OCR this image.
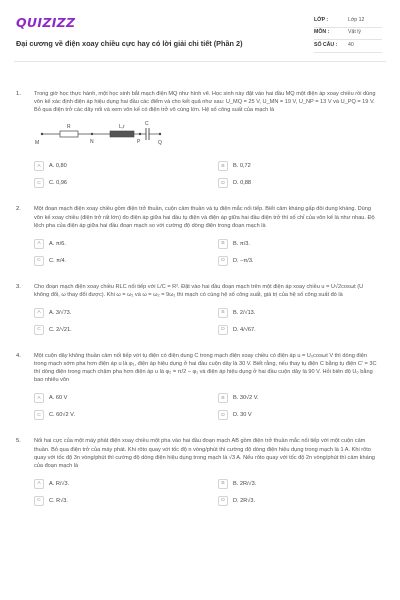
QUIZIZZ
Đại cương về điện xoay chiều cực hay có lời giải chi tiết (Phần 2)
LỚP :	Lớp 12
MÔN :	Vật lý
SỐ CÂU :	40
1. Trong giờ học thực hành, một học sinh bắt mạch điện MQ như hình vẽ. Học sinh này đặt vào hai đầu MQ một điện áp xoay chiều rồi dùng vôn kế xác định điện áp hiệu dụng hai đầu các điểm và cho kết quả như sau: U_MQ = 25 V, U_MN = 19 V, U_NP = 13 V và U_PQ = 19 V. Bỏ qua điện trở các dây nối và xem vôn kế có điện trở vô cùng lớn. Hệ số công suất của mạch là
M
R
N
L,r
P
C
Q
A	A. 0,80	B	B. 0,72
C	C. 0,96	D	D. 0,88
2. Một đoạn mạch điện xoay chiều gồm điện trở thuần, cuộn cảm thuần và tụ điện mắc nối tiếp. Biết cảm kháng gấp đôi dung kháng. Dùng vôn kế xoay chiều (điện trở rất lớn) đo điện áp giữa hai đầu tụ điện và điện áp giữa hai đầu điện trở thì số chỉ của vôn kế là như nhau. Độ lệch pha của điện áp giữa hai đầu đoạn mạch so với cường độ dòng điện trong đoạn mạch là
A	A. π/6.	B	B. π/3.
C	C. π/4.	D	D. −π/3.
3. Cho đoạn mạch điện xoay chiều RLC nối tiếp với L/C = R². Đặt vào hai đầu đoạn mạch trên một điện áp xoay chiều u = U√2cosωt (U không đổi, ω thay đổi được). Khi ω = ω₁ và ω = ω₂ = 9ω₁ thì mạch có cùng hệ số công suất, giá trị của hệ số công suất đó là
A	A. 3/√73.	B	B. 2/√13.
C	C. 2/√21.	D	D. 4/√67.
4. Một cuộn dây không thuần cảm nối tiếp với tụ điện có điện dung C trong mạch điện xoay chiều có điện áp u = U₀cosωt V thì dòng điện trong mạch sớm pha hơn điện áp u là φ₁, điện áp hiệu dụng ở hai đầu cuộn dây là 30 V. Biết rằng, nếu thay tụ điện C bằng tụ điện C' = 3C thì dòng điện trong mạch chậm pha hơn điện áp u là φ₂ = π/2 − φ₁ và điện áp hiệu dụng ở hai đầu cuộn dây là 90 V. Hỏi biên độ U₀ bằng bao nhiêu vôn
A	A. 60 V	B	B. 30√2 V.
C	C. 60√2 V.	D	D. 30 V
5. Nối hai cực của một máy phát điện xoay chiều một pha vào hai đầu đoạn mạch AB gồm điện trở thuần mắc nối tiếp với một cuộn cảm thuần. Bỏ qua điện trở của máy phát. Khi rôto quay với tốc độ n vòng/phút thì cường độ dòng điện hiệu dụng trong mạch là 1 A. Khi rôto quay với tốc độ 3n vòng/phút thì cường độ dòng điện hiệu dụng trong mạch là √3 A. Nếu rôto quay với tốc độ 2n vòng/phút thì cảm kháng của đoạn mạch là
A	A. R/√3.	B	B. 2R/√3.
C	C. R√3.	D	D. 2R√3.
